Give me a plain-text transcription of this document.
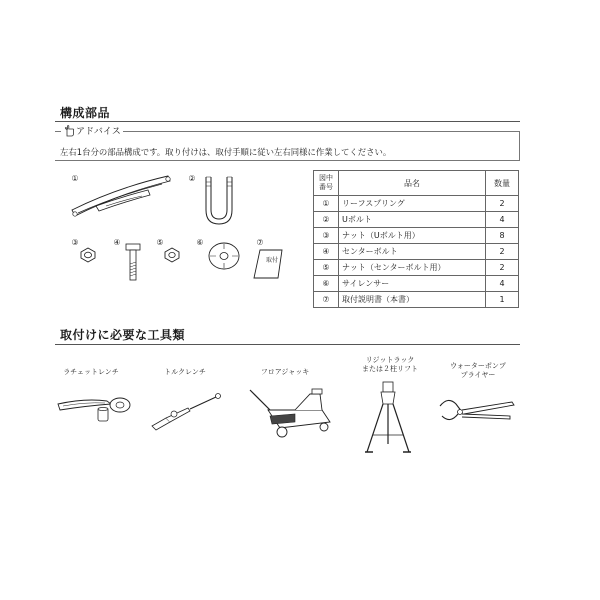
構成部品
アドバイス
左右1台分の部品構成です。取り付けは、取付手順に従い左右同様に作業してください。
①	②
③	④	⑤	⑥	⑦
取付
図中
番号	品名	数量
①	リーフスプリング	2
②	Uボルト	4
③	ナット（Uボルト用）	8
④	センターボルト	2
⑤	ナット（センターボルト用）	2
⑥	サイレンサー	4
⑦	取付説明書（本書）	1
取付けに必要な工具類
ラチェットレンチ	トルクレンチ	フロアジャッキ
リジットラック
または２柱リフト	ウォーターポンプ
プライヤー
